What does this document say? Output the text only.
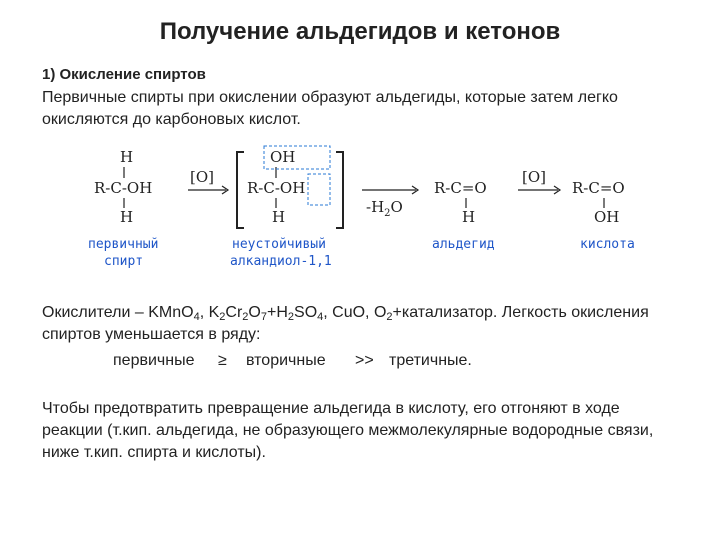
Получение альдегидов и кетонов
1) Окисление спиртов
Первичные спирты при окислении образуют альдегиды, которые затем легко окисляются до карбоновых кислот.
H
R-C-OH
H
первичный
спирт
[O]
OH
R-C-OH
H
неустойчивый
алкандиол-1,1
$-H_2O$
R-C=O
H
альдегид
[O]
R-C=O
OH
кислота
Окислители – KMnO$_4$, $K_2Cr_2O_7+H_2SO_4$, CuO, $O_2+катализатор$. Легкость окисления спиртов уменьшается в ряду:
первичные ≥ вторичные >> третичные.
Чтобы предотвратить превращение альдегида в кислоту, его отгоняют в ходе реакции (т.кип. альдегида, не образующего межмолекулярные водородные связи, ниже т.кип. спирта и кислоты).
